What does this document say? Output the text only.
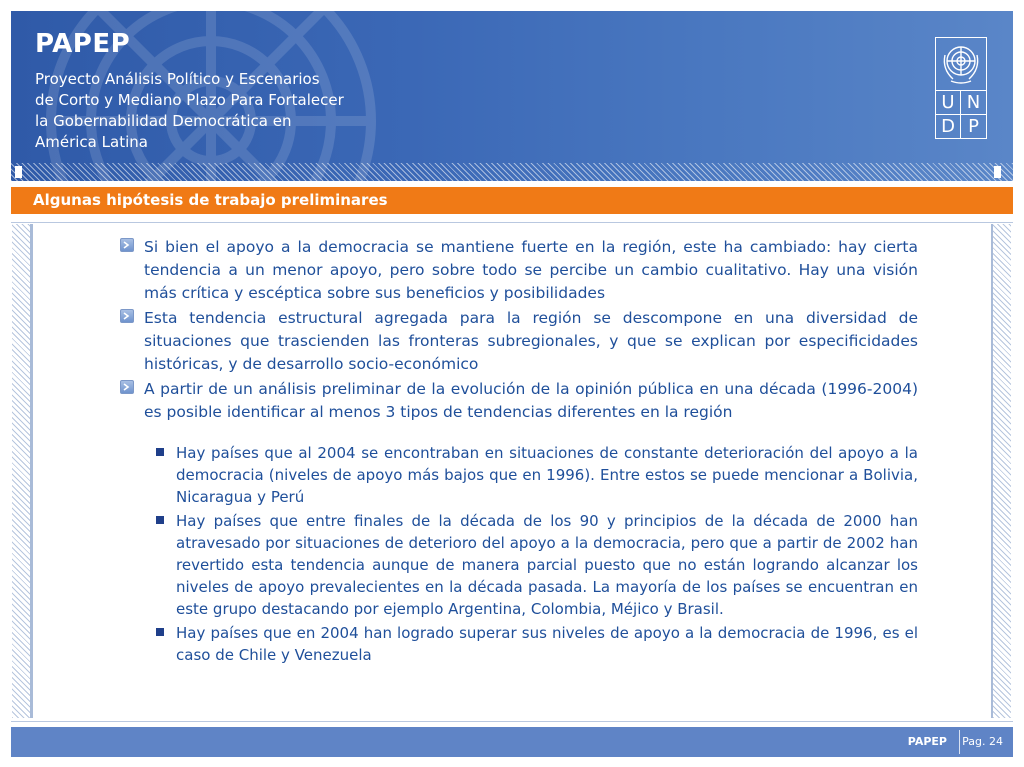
PAPEP
Proyecto Análisis Político y Escenarios
de Corto y Mediano Plazo Para Fortalecer
la Gobernabilidad Democrática en
América Latina
U N
D P
Algunas hipótesis de trabajo preliminares
Si bien el apoyo a la democracia se mantiene fuerte en la región, este ha cambiado: hay cierta tendencia a un menor apoyo, pero sobre todo se percibe un cambio cualitativo. Hay una visión más crítica y escéptica sobre sus beneficios y posibilidades
Esta tendencia estructural agregada para la región se descompone en una diversidad de situaciones que trascienden las fronteras subregionales, y que se explican por especificidades históricas, y de desarrollo socio-económico
A partir de un análisis preliminar de la evolución de la opinión pública en una década (1996-2004) es posible identificar al menos 3 tipos de tendencias diferentes en la región
Hay países que al 2004 se encontraban en situaciones de constante deterioración del apoyo a la democracia (niveles de apoyo más bajos que en 1996). Entre estos se puede mencionar a Bolivia, Nicaragua y Perú
Hay países que entre finales de la década de los 90 y principios de la década de 2000 han atravesado por situaciones de deterioro del apoyo a la democracia, pero que a partir de 2002 han revertido esta tendencia aunque de manera parcial puesto que no están logrando alcanzar los niveles de apoyo prevalecientes en la década pasada. La mayoría de los países se encuentran en este grupo destacando por ejemplo Argentina, Colombia, Méjico y Brasil.
Hay países que en 2004 han logrado superar sus niveles de apoyo a la democracia de 1996, es el caso de Chile y Venezuela
PAPEP Pag. 24
